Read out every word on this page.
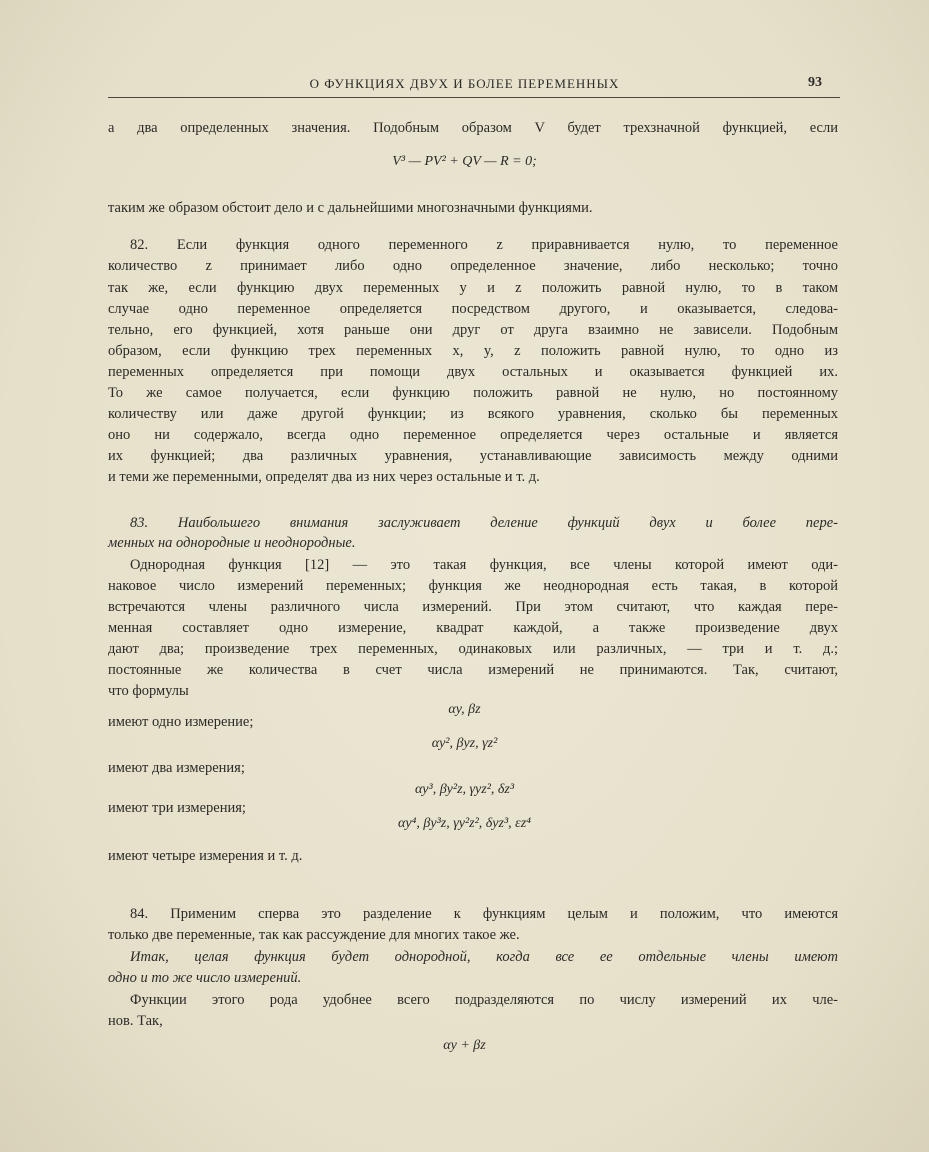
О ФУНКЦИЯХ ДВУХ И БОЛЕЕ ПЕРЕМЕННЫХ	93
а два определенных значения. Подобным образом V будет трехзначной функцией, если
V³ — PV² + QV — R = 0;
таким же образом обстоит дело и с дальнейшими многозначными функциями.
82. Если функция одного переменного z приравнивается нулю, то переменное
количество z принимает либо одно определенное значение, либо несколько; точно
так же, если функцию двух переменных y и z положить равной нулю, то в таком
случае одно переменное определяется посредством другого, и оказывается, следова-
тельно, его функцией, хотя раньше они друг от друга взаимно не зависели. Подобным
образом, если функцию трех переменных x, y, z положить равной нулю, то одно из
переменных определяется при помощи двух остальных и оказывается функцией их.
То же самое получается, если функцию положить равной не нулю, но постоянному
количеству или даже другой функции; из всякого уравнения, сколько бы переменных
оно ни содержало, всегда одно переменное определяется через остальные и является
их функцией; два различных уравнения, устанавливающие зависимость между одними
и теми же переменными, определят два из них через остальные и т. д.
83. Наибольшего внимания заслуживает деление функций двух и более пере-
менных на однородные и неоднородные.
Однородная функция [12] — это такая функция, все члены которой имеют оди-
наковое число измерений переменных; функция же неоднородная есть такая, в которой
встречаются члены различного числа измерений. При этом считают, что каждая пере-
менная составляет одно измерение, квадрат каждой, а также произведение двух
дают два; произведение трех переменных, одинаковых или различных, — три и т. д.;
постоянные же количества в счет числа измерений не принимаются. Так, считают,
что формулы
αy, βz
имеют одно измерение;
αy², βyz, γz²
имеют два измерения;
αy³, βy²z, γyz², δz³
имеют три измерения;
αy⁴, βy³z, γy²z², δyz³, εz⁴
имеют четыре измерения и т. д.
84. Применим сперва это разделение к функциям целым и положим, что имеются
только две переменные, так как рассуждение для многих такое же.
Итак, целая функция будет однородной, когда все ее отдельные члены имеют
одно и то же число измерений.
Функции этого рода удобнее всего подразделяются по числу измерений их чле-
нов. Так,
αy + βz
